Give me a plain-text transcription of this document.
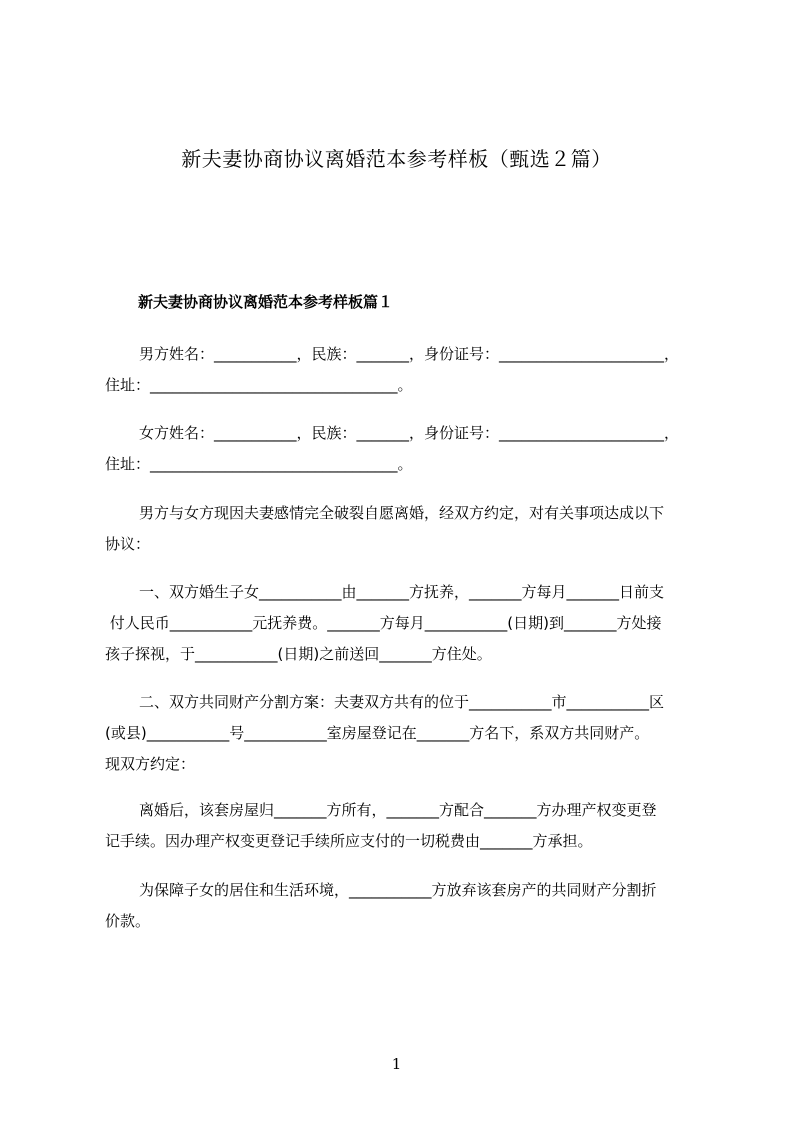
新夫妻协商协议离婚范本参考样板（甄选２篇）
新夫妻协商协议离婚范本参考样板篇１
男方姓名：___________，民族：_______，身份证号：______________________，
住址：_________________________________。
女方姓名：___________，民族：_______，身份证号：______________________，
住址：_________________________________。
男方与女方现因夫妻感情完全破裂自愿离婚，经双方约定，对有关事项达成以下
协议：
一、双方婚生子女___________由_______方抚养，_______方每月_______日前支
付人民币___________元抚养费。_______方每月___________(日期)到_______方处接
孩子探视，于___________(日期)之前送回_______方住处。
二、双方共同财产分割方案：夫妻双方共有的位于___________市___________区
(或县)___________号___________室房屋登记在_______方名下，系双方共同财产。
现双方约定：
离婚后，该套房屋归_______方所有，_______方配合_______方办理产权变更登
记手续。因办理产权变更登记手续所应支付的一切税费由_______方承担。
为保障子女的居住和生活环境，___________方放弃该套房产的共同财产分割折
价款。
1
